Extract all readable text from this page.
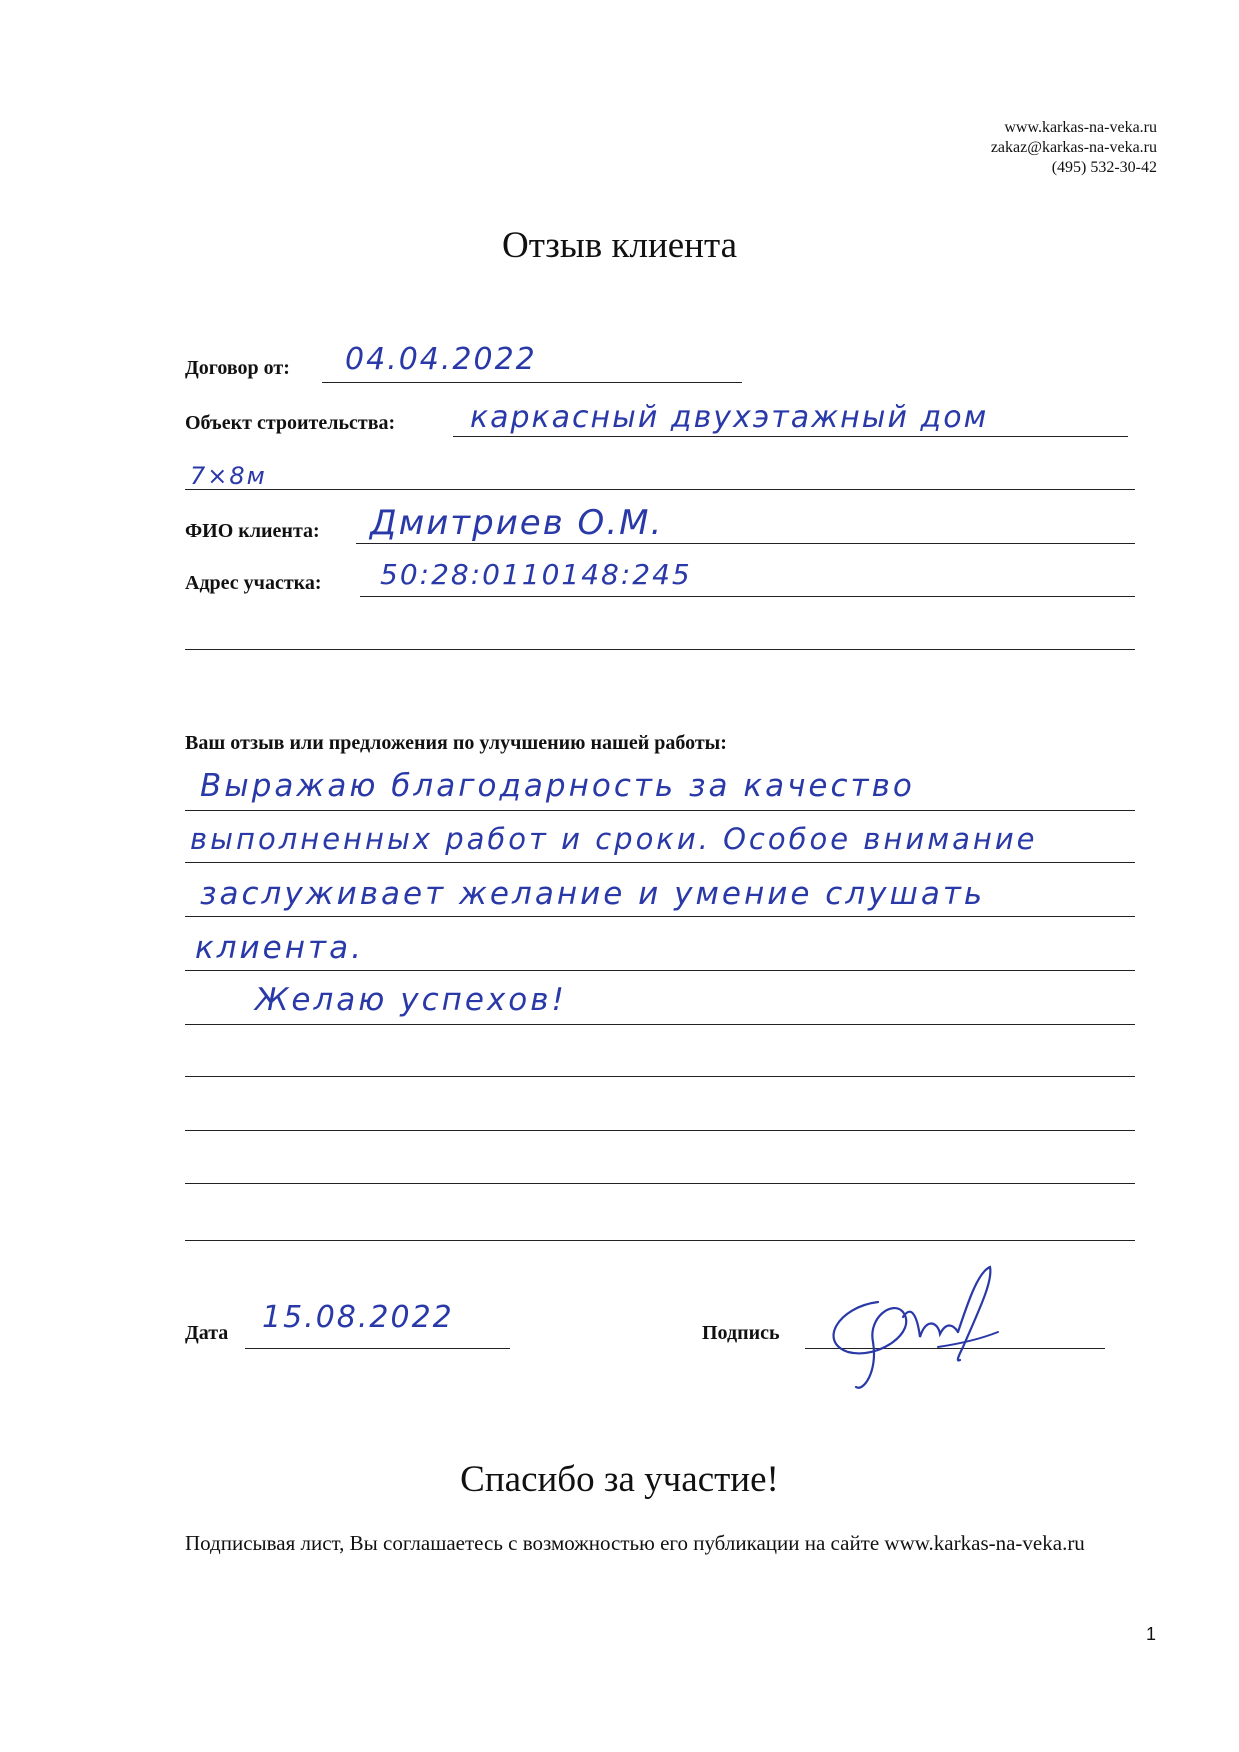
www.karkas-na-veka.ru
zakaz@karkas-na-veka.ru
(495) 532-30-42
Отзыв клиента
Договор от: 04.04.2022
Объект строительства: каркасный двухэтажный дом
7×8м
ФИО клиента: Дмитриев О.М.
Адрес участка: 50:28:0110148:245
Ваш отзыв или предложения по улучшению нашей работы:
Выражаю благодарность за качество
выполненных работ и сроки. Особое внимание
заслуживает желание и умение слушать
клиента.
Желаю успехов!
Дата 15.08.2022	Подпись
Спасибо за участие!
Подписывая лист, Вы соглашаетесь с возможностью его публикации на сайте www.karkas-na-veka.ru
1
